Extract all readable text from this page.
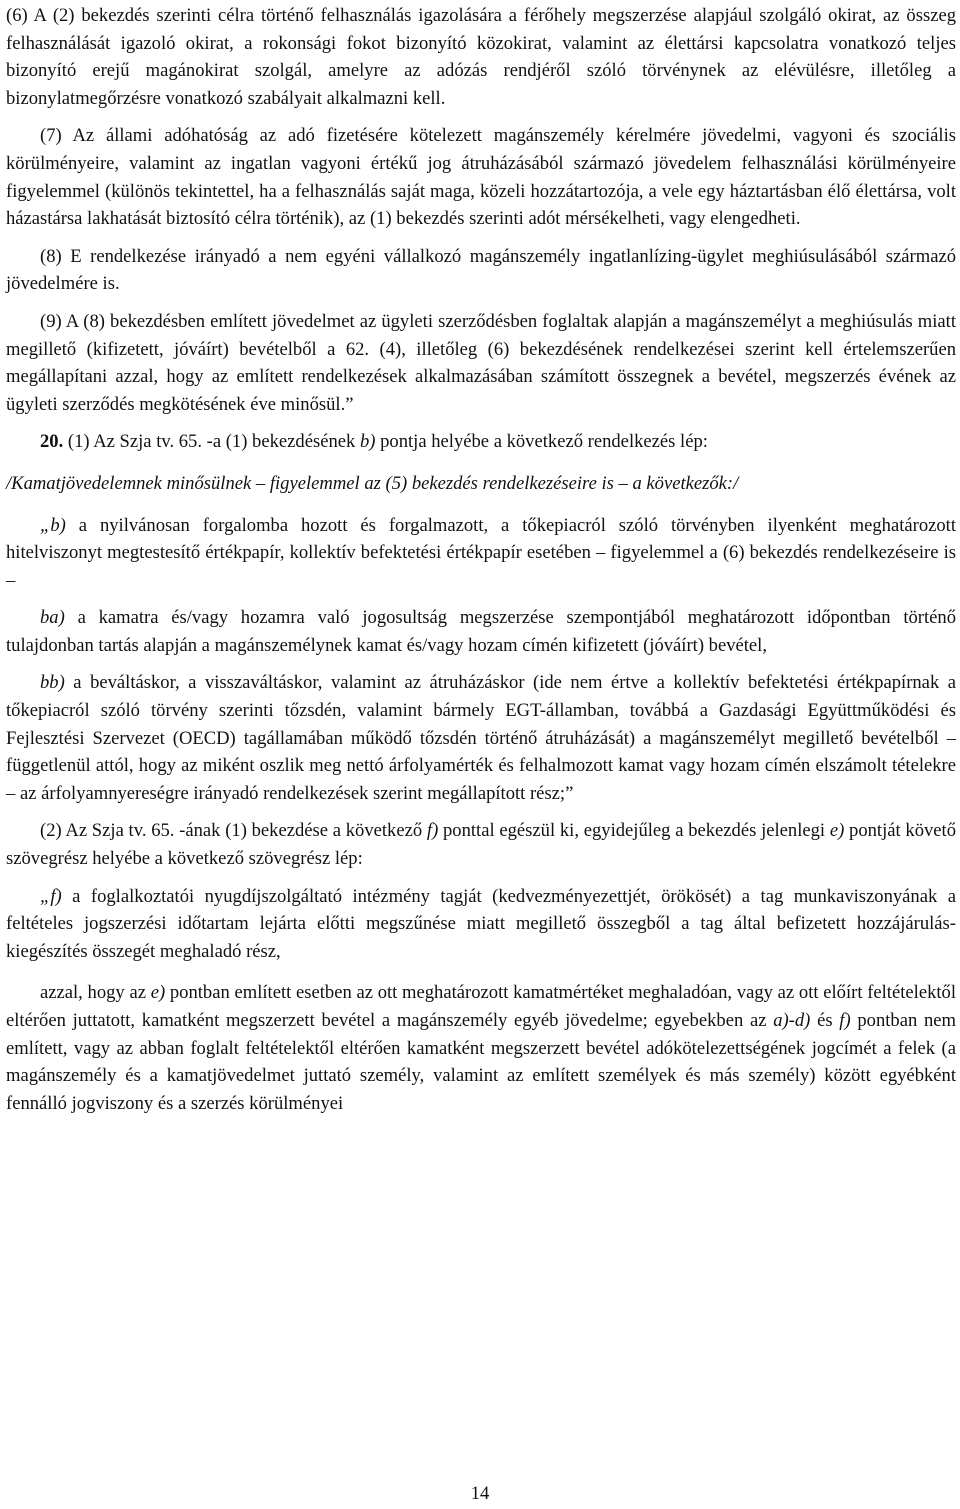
(6) A (2) bekezdés szerinti célra történő felhasználás igazolására a férőhely megszerzése alapjául szolgáló okirat, az összeg felhasználását igazoló okirat, a rokonsági fokot bizonyító közokirat, valamint az élettársi kapcsolatra vonatkozó teljes bizonyító erejű magánokirat szolgál, amelyre az adózás rendjéről szóló törvénynek az elévülésre, illetőleg a bizonylatmegőrzésre vonatkozó szabályait alkalmazni kell.

(7) Az állami adóhatóság az adó fizetésére kötelezett magánszemély kérelmére jövedelmi, vagyoni és szociális körülményeire, valamint az ingatlan vagyoni értékű jog átruházásából származó jövedelem felhasználási körülményeire figyelemmel (különös tekintettel, ha a felhasználás saját maga, közeli hozzátartozója, a vele egy háztartásban élő élettársa, volt házastársa lakhatását biztosító célra történik), az (1) bekezdés szerinti adót mérsékelheti, vagy elengedheti.

(8) E rendelkezése irányadó a nem egyéni vállalkozó magánszemély ingatlanlízing-ügylet meghiúsulásából származó jövedelmére is.

(9) A (8) bekezdésben említett jövedelmet az ügyleti szerződésben foglaltak alapján a magánszemélyt a meghiúsulás miatt megillető (kifizetett, jóváírt) bevételből a 62. (4), illetőleg (6) bekezdésének rendelkezései szerint kell értelemszerűen megállapítani azzal, hogy az említett rendelkezések alkalmazásában számított összegnek a bevétel, megszerzés évének az ügyleti szerződés megkötésének éve minősül.”

20. (1) Az Szja tv. 65. -a (1) bekezdésének b) pontja helyébe a következő rendelkezés lép:

/Kamatjövedelemnek minősülnek – figyelemmel az (5) bekezdés rendelkezéseire is – a következők:/

„b) a nyilvánosan forgalomba hozott és forgalmazott, a tőkepiacról szóló törvényben ilyenként meghatározott hitelviszonyt megtestesítő értékpapír, kollektív befektetési értékpapír esetében – figyelemmel a (6) bekezdés rendelkezéseire is –

ba) a kamatra és/vagy hozamra való jogosultság megszerzése szempontjából meghatározott időpontban történő tulajdonban tartás alapján a magánszemélynek kamat és/vagy hozam címén kifizetett (jóváírt) bevétel,

bb) a beváltáskor, a visszaváltáskor, valamint az átruházáskor (ide nem értve a kollektív befektetési értékpapírnak a tőkepiacról szóló törvény szerinti tőzsdén, valamint bármely EGT-államban, továbbá a Gazdasági Együttműködési és Fejlesztési Szervezet (OECD) tagállamában működő tőzsdén történő átruházását) a magánszemélyt megillető bevételből – függetlenül attól, hogy az miként oszlik meg nettó árfolyamérték és felhalmozott kamat vagy hozam címén elszámolt tételekre – az árfolyamnyereségre irányadó rendelkezések szerint megállapított rész;”

(2) Az Szja tv. 65. -ának (1) bekezdése a következő f) ponttal egészül ki, egyidejűleg a bekezdés jelenlegi e) pontját követő szövegrész helyébe a következő szövegrész lép:

„f) a foglalkoztatói nyugdíjszolgáltató intézmény tagját (kedvezményezettjét, örökösét) a tag munkaviszonyának a feltételes jogszerzési időtartam lejárta előtti megszűnése miatt megillető összegből a tag által befizetett hozzájárulás-kiegészítés összegét meghaladó rész,

azzal, hogy az e) pontban említett esetben az ott meghatározott kamatmértéket meghaladóan, vagy az ott előírt feltételektől eltérően juttatott, kamatként megszerzett bevétel a magánszemély egyéb jövedelme; egyebekben az a)-d) és f) pontban nem említett, vagy az abban foglalt feltételektől eltérően kamatként megszerzett bevétel adókötelezettségének jogcímét a felek (a magánszemély és a kamatjövedelmet juttató személy, valamint az említett személyek és más személy) között egyébként fennálló jogviszony és a szerzés körülményei

14
